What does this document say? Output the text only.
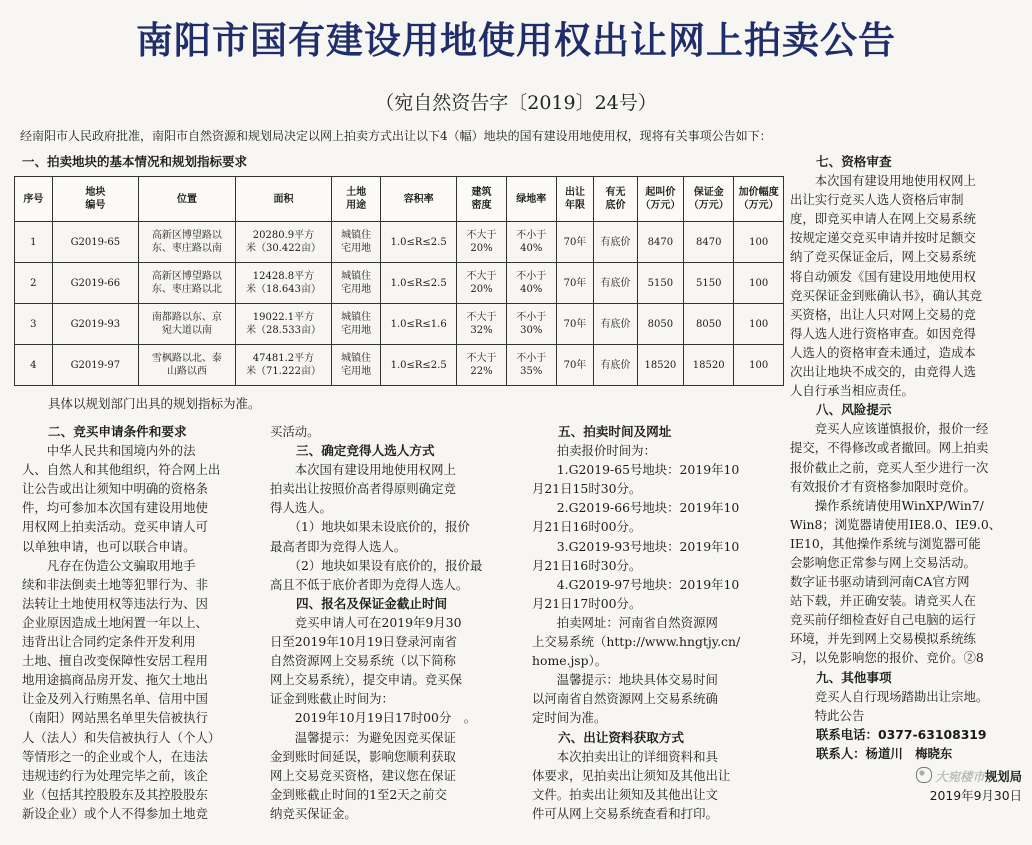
南阳市国有建设用地使用权出让网上拍卖公告
（宛自然资告字〔2019〕24号）
经南阳市人民政府批准，南阳市自然资源和规划局决定以网上拍卖方式出让以下4（幅）地块的国有建设用地使用权，现将有关事项公告如下：
一、拍卖地块的基本情况和规划指标要求
序号	地块
编号	位置	面积	土地
用途	容积率	建筑
密度	绿地率	出让
年限	有无
底价	起叫价
（万元）	保证金
（万元）	加价幅度
（万元）
1	G2019-65	高新区博望路以
东、枣庄路以南	20280.9平方
米（30.422亩）	城镇住
宅用地	1.0≤R≤2.5	不大于
20%	不小于
40%	70年	有底价	8470	8470	100
2	G2019-66	高新区博望路以
东、枣庄路以北	12428.8平方
米（18.643亩）	城镇住
宅用地	1.0≤R≤2.5	不大于
20%	不小于
40%	70年	有底价	5150	5150	100
3	G2019-93	南都路以东、京
宛大道以南	19022.1平方
米（28.533亩）	城镇住
宅用地	1.0≤R≤1.6	不大于
32%	不小于
30%	70年	有底价	8050	8050	100
4	G2019-97	雪枫路以北、泰
山路以西	47481.2平方
米（71.222亩）	城镇住
宅用地	1.0≤R≤2.5	不大于
22%	不小于
35%	70年	有底价	18520	18520	100
具体以规划部门出具的规划指标为准。
二、竞买申请条件和要求
　　中华人民共和国境内外的法
人、自然人和其他组织，符合网上出
让公告或出让须知中明确的资格条
件，均可参加本次国有建设用地使
用权网上拍卖活动。竞买申请人可
以单独申请，也可以联合申请。
　　凡存在伪造公文骗取用地手
续和非法倒卖土地等犯罪行为、非
法转让土地使用权等违法行为、因
企业原因造成土地闲置一年以上、
违背出让合同约定条件开发利用
土地、擅自改变保障性安居工程用
地用途搞商品房开发、拖欠土地出
让金及列入行贿黑名单、信用中国
（南阳）网站黑名单里失信被执行
人（法人）和失信被执行人（个人）
等情形之一的企业或个人，在违法
违规违约行为处理完毕之前，该企
业（包括其控股股东及其控股股东
新设企业）或个人不得参加土地竞
买活动。
三、确定竞得人选人方式
　　本次国有建设用地使用权网上
拍卖出让按照价高者得原则确定竞
得人选人。
　　（1）地块如果未设底价的，报价
最高者即为竞得人选人。
　　（2）地块如果设有底价的，报价最
高且不低于底价者即为竞得人选人。
四、报名及保证金截止时间
　　竞买申请人可在2019年9月30
日至2019年10月19日登录河南省
自然资源网上交易系统（以下简称
网上交易系统），提交申请。竞买保
证金到账截止时间为：
　　2019年10月19日17时00分　。
　　温馨提示：为避免因竞买保证
金到账时间延误，影响您顺利获取
网上交易竞买资格，建议您在保证
金到账截止时间的1至2天之前交
纳竞买保证金。
五、拍卖时间及网址
　　拍卖报价时间为：
　　1.G2019-65号地块：2019年10
月21日15时30分。
　　2.G2019-66号地块：2019年10
月21日16时00分。
　　3.G2019-93号地块：2019年10
月21日16时30分。
　　4.G2019-97号地块：2019年10
月21日17时00分。
　　拍卖网址：河南省自然资源网
上交易系统（http://www.hngtjy.cn/
home.jsp）。
　　温馨提示：地块具体交易时间
以河南省自然资源网上交易系统确
定时间为准。
六、出让资料获取方式
　　本次拍卖出让的详细资料和具
体要求，见拍卖出让须知及其他出让
文件。拍卖出让须知及其他出让文
件可从网上交易系统查看和打印。
七、资格审查
　　本次国有建设用地使用权网上
出让实行竞买人选人资格后审制
度，即竞买申请人在网上交易系统
按规定递交竞买申请并按时足额交
纳了竞买保证金后，网上交易系统
将自动颁发《国有建设用地使用权
竞买保证金到账确认书》，确认其竞
买资格，出让人只对网上交易的竞
得人选人进行资格审查。如因竞得
人选人的资格审查未通过，造成本
次出让地块不成交的，由竞得人选
人自行承当相应责任。
八、风险提示
　　竞买人应该谨慎报价，报价一经
提交，不得修改或者撤回。网上拍卖
报价截止之前，竞买人至少进行一次
有效报价才有资格参加限时竞价。
　　操作系统请使用WinXP/Win7/
Win8；浏览器请使用IE8.0、IE9.0、
IE10，其他操作系统与浏览器可能
会影响您正常参与网上交易活动。
数字证书驱动请到河南CA官方网
站下载，并正确安装。请竞买人在
竞买前仔细检查好自己电脑的运行
环境，并先到网上交易模拟系统练
习，以免影响您的报价、竞价。②8
九、其他事项
　　竞买人自行现场踏勘出让宗地。
　　特此公告
联系电话：0377-63108319
联系人：杨道川　梅晓东
大宛楼市规划局
2019年9月30日
